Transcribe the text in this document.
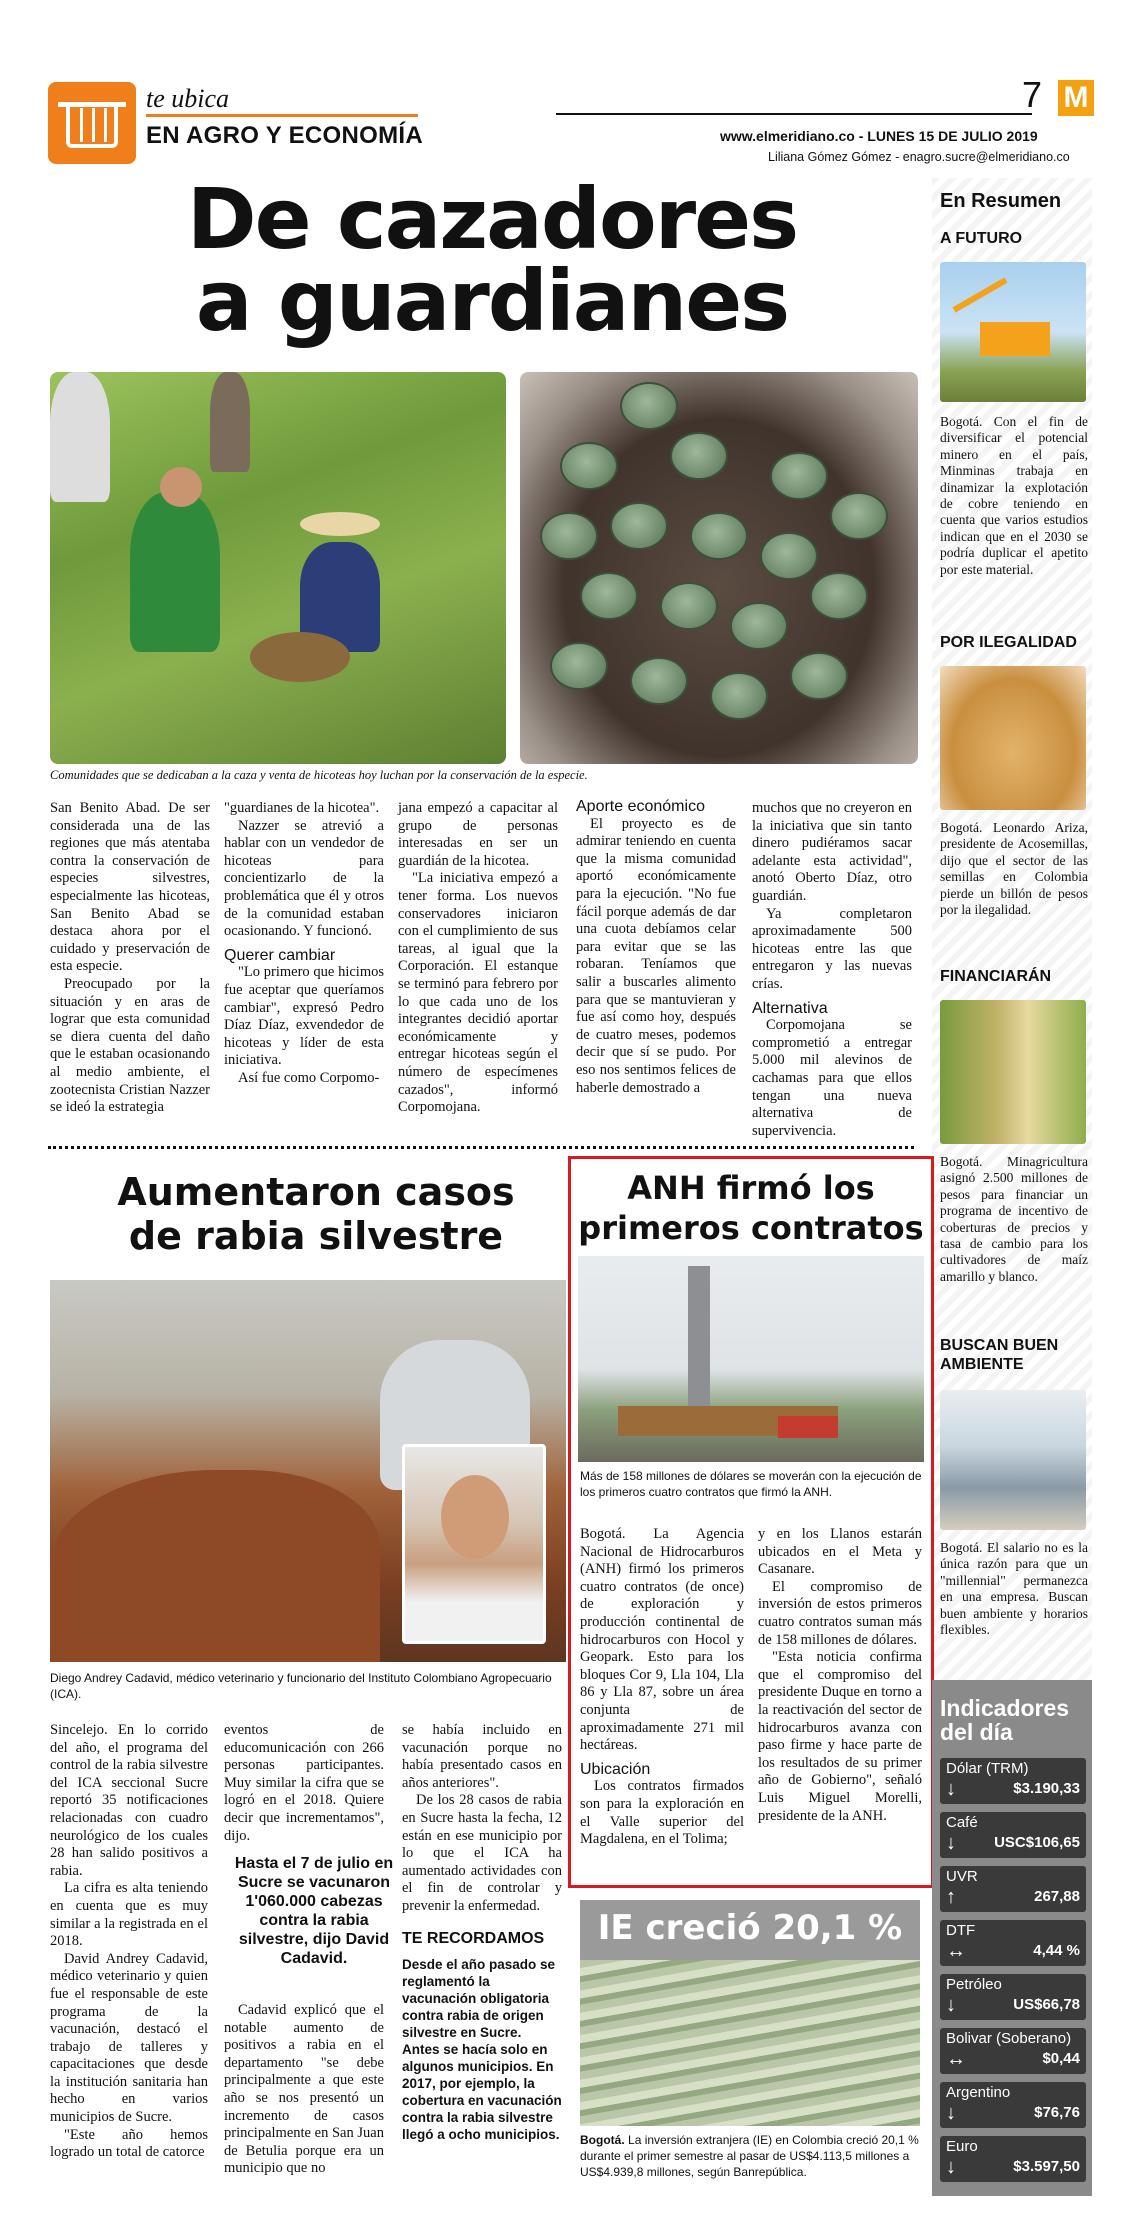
te ubica
EN AGRO Y ECONOMÍA
7 M
www.elmeridiano.co - LUNES 15 DE JULIO 2019
Liliana Gómez Gómez - enagro.sucre@elmeridiano.co
De cazadores
a guardianes
Comunidades que se dedicaban a la caza y venta de hicoteas hoy luchan por la conservación de la especie.

San Benito Abad. De ser considerada una de las regiones que más atentaba contra la conservación de especies silvestres, especialmente las hicoteas, San Benito Abad se destaca ahora por el cuidado y preservación de esta especie.

Preocupado por la situación y en aras de lograr que esta comunidad se diera cuenta del daño que le estaban ocasionando al medio ambiente, el zootecnista Cristian Nazzer se ideó la estrategia

"guardianes de la hicotea".

Nazzer se atrevió a hablar con un vendedor de hicoteas para concientizarlo de la problemática que él y otros de la comunidad estaban ocasionando. Y funcionó.

Querer cambiar

"Lo primero que hicimos fue aceptar que queríamos cambiar", expresó Pedro Díaz Díaz, exvendedor de hicoteas y líder de esta iniciativa.

Así fue como Corpomo-

jana empezó a capacitar al grupo de personas interesadas en ser un guardián de la hicotea.

"La iniciativa empezó a tener forma. Los nuevos conservadores iniciaron con el cumplimiento de sus tareas, al igual que la Corporación. El estanque se terminó para febrero por lo que cada uno de los integrantes decidió aportar económicamente y entregar hicoteas según el número de especímenes cazados", informó Corpomojana.

Aporte económico

El proyecto es de admirar teniendo en cuenta que la misma comunidad aportó económicamente para la ejecución. "No fue fácil porque además de dar una cuota debíamos celar para evitar que se las robaran. Teníamos que salir a buscarles alimento para que se mantuvieran y fue así como hoy, después de cuatro meses, podemos decir que sí se pudo. Por eso nos sentimos felices de haberle demostrado a

muchos que no creyeron en la iniciativa que sin tanto dinero pudiéramos sacar adelante esta actividad", anotó Oberto Díaz, otro guardián.

Ya completaron aproximadamente 500 hicoteas entre las que entregaron y las nuevas crías.

Alternativa

Corpomojana se comprometió a entregar 5.000 mil alevinos de cachamas para que ellos tengan una nueva alternativa de supervivencia.

En Resumen
A FUTURO
Bogotá. Con el fin de diversificar el potencial minero en el país, Minminas trabaja en dinamizar la explotación de cobre teniendo en cuenta que varios estudios indican que en el 2030 se podría duplicar el apetito por este material.
POR ILEGALIDAD
Bogotá. Leonardo Ariza, presidente de Acosemillas, dijo que el sector de las semillas en Colombia pierde un billón de pesos por la ilegalidad.
FINANCIARÁN
Bogotá. Minagricultura asignó 2.500 millones de pesos para financiar un programa de incentivo de coberturas de precios y tasa de cambio para los cultivadores de maíz amarillo y blanco.
BUSCAN BUEN AMBIENTE
Bogotá. El salario no es la única razón para que un "millennial" permanezca en una empresa. Buscan buen ambiente y horarios flexibles.
Aumentaron casos
de rabia silvestre
Diego Andrey Cadavid, médico veterinario y funcionario del Instituto Colombiano Agropecuario (ICA).

Sincelejo. En lo corrido del año, el programa del control de la rabia silvestre del ICA seccional Sucre reportó 35 notificaciones relacionadas con cuadro neurológico de los cuales 28 han salido positivos a rabia.

La cifra es alta teniendo en cuenta que es muy similar a la registrada en el 2018.

David Andrey Cadavid, médico veterinario y quien fue el responsable de este programa de la vacunación, destacó el trabajo de talleres y capacitaciones que desde la institución sanitaria han hecho en varios municipios de Sucre.

"Este año hemos logrado un total de catorce

eventos de educomunicación con 266 personas participantes. Muy similar la cifra que se logró en el 2018. Quiere decir que incrementamos", dijo.

Hasta el 7 de julio en Sucre se vacunaron 1'060.000 cabezas contra la rabia silvestre, dijo David Cadavid.

Cadavid explicó que el notable aumento de positivos a rabia en el departamento "se debe principalmente a que este año se nos presentó un incremento de casos principalmente en San Juan de Betulia porque era un municipio que no

se había incluido en vacunación porque no había presentado casos en años anteriores".

De los 28 casos de rabia en Sucre hasta la fecha, 12 están en ese municipio por lo que el ICA ha aumentado actividades con el fin de controlar y prevenir la enfermedad.

TE RECORDAMOS
Desde el año pasado se reglamentó la vacunación obligatoria contra rabia de origen silvestre en Sucre. Antes se hacía solo en algunos municipios. En 2017, por ejemplo, la cobertura en vacunación contra la rabia silvestre llegó a ocho municipios.
ANH firmó los
primeros contratos
Más de 158 millones de dólares se moverán con la ejecución de los primeros cuatro contratos que firmó la ANH.

Bogotá. La Agencia Nacional de Hidrocarburos (ANH) firmó los primeros cuatro contratos (de once) de exploración y producción continental de hidrocarburos con Hocol y Geopark. Esto para los bloques Cor 9, Lla 104, Lla 86 y Lla 87, sobre un área conjunta de aproximadamente 271 mil hectáreas.

Ubicación

Los contratos firmados son para la exploración en el Valle superior del Magdalena, en el Tolima;

y en los Llanos estarán ubicados en el Meta y Casanare.

El compromiso de inversión de estos primeros cuatro contratos suman más de 158 millones de dólares.

"Esta noticia confirma que el compromiso del presidente Duque en torno a la reactivación del sector de hidrocarburos avanza con paso firme y hace parte de los resultados de su primer año de Gobierno", señaló Luis Miguel Morelli, presidente de la ANH.

IE creció 20,1 %
Bogotá. La inversión extranjera (IE) en Colombia creció 20,1 % durante el primer semestre al pasar de US$4.113,5 millones a US$4.939,8 millones, según Banrepública.
Indicadores
del día
Dólar (TRM)
↓	$3.190,33
Café
↓	USC$106,65
UVR
↑	267,88
DTF
↔	4,44 %
Petróleo
↓	US$66,78
Bolivar (Soberano)
↔	$0,44
Argentino
↓	$76,76
Euro
↓	$3.597,50
